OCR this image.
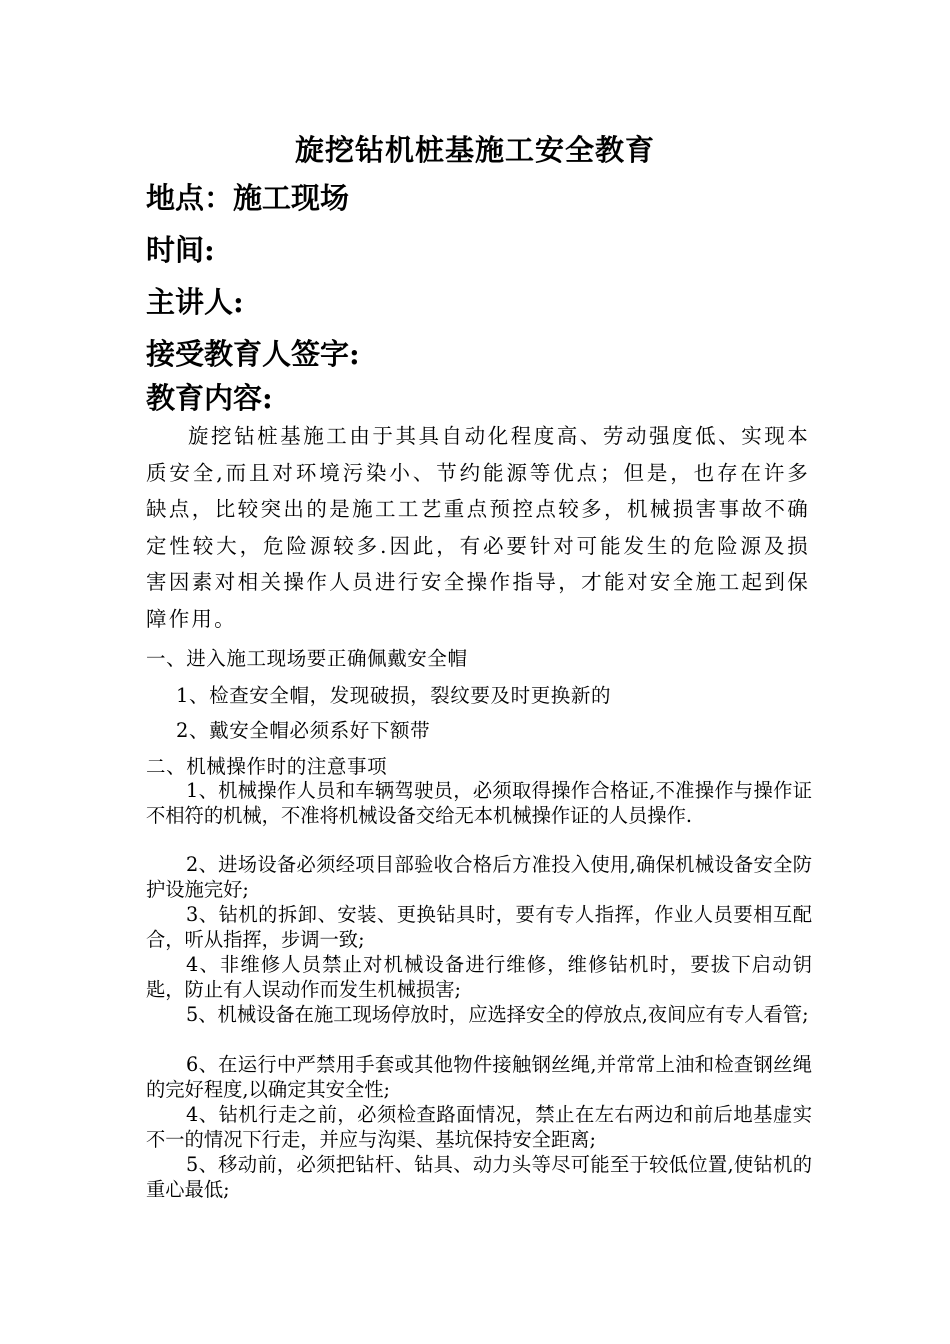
旋挖钻机桩基施工安全教育
地点：施工现场
时间:
主讲人:
接受教育人签字:
教育内容:

旋挖钻桩基施工由于其具自动化程度高、劳动强度低、实现本质安全,而且对环境污染小、节约能源等优点；但是，也存在许多缺点，比较突出的是施工工艺重点预控点较多，机械损害事故不确定性较大，危险源较多.因此，有必要针对可能发生的危险源及损害因素对相关操作人员进行安全操作指导，才能对安全施工起到保障作用。

一、进入施工现场要正确佩戴安全帽
1、检查安全帽，发现破损，裂纹要及时更换新的
2、戴安全帽必须系好下额带
二、机械操作时的注意事项

1、机械操作人员和车辆驾驶员，必须取得操作合格证,不准操作与操作证不相符的机械，不准将机械设备交给无本机械操作证的人员操作.

2、进场设备必须经项目部验收合格后方准投入使用,确保机械设备安全防护设施完好;

3、钻机的拆卸、安装、更换钻具时，要有专人指挥，作业人员要相互配合，听从指挥，步调一致;

4、非维修人员禁止对机械设备进行维修，维修钻机时，要拔下启动钥匙，防止有人误动作而发生机械损害;

5、机械设备在施工现场停放时，应选择安全的停放点,夜间应有专人看管;

6、在运行中严禁用手套或其他物件接触钢丝绳,并常常上油和检查钢丝绳的完好程度,以确定其安全性;

4、钻机行走之前，必须检查路面情况，禁止在左右两边和前后地基虚实不一的情况下行走，并应与沟渠、基坑保持安全距离;

5、移动前，必须把钻杆、钻具、动力头等尽可能至于较低位置,使钻机的重心最低;
